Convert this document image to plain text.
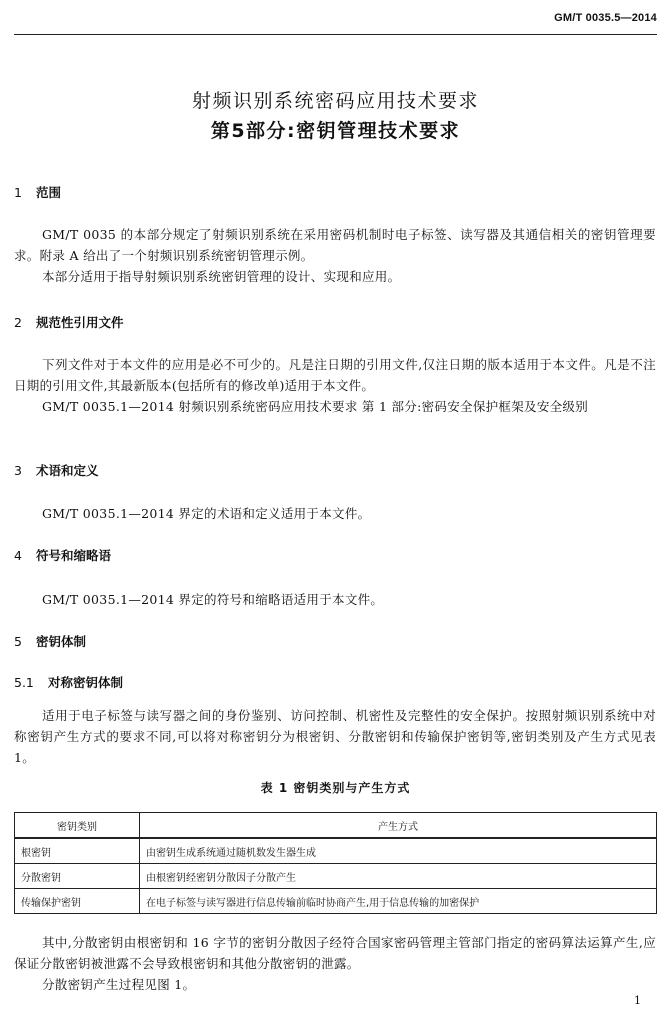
GM/T 0035.5—2014
射频识别系统密码应用技术要求
第5部分:密钥管理技术要求
1 范围
GM/T 0035 的本部分规定了射频识别系统在采用密码机制时电子标签、读写器及其通信相关的密钥管理要求。附录 A 给出了一个射频识别系统密钥管理示例。
本部分适用于指导射频识别系统密钥管理的设计、实现和应用。
2 规范性引用文件
下列文件对于本文件的应用是必不可少的。凡是注日期的引用文件,仅注日期的版本适用于本文件。凡是不注日期的引用文件,其最新版本(包括所有的修改单)适用于本文件。
GM/T 0035.1—2014 射频识别系统密码应用技术要求 第 1 部分:密码安全保护框架及安全级别
3 术语和定义
GM/T 0035.1—2014 界定的术语和定义适用于本文件。
4 符号和缩略语
GM/T 0035.1—2014 界定的符号和缩略语适用于本文件。
5 密钥体制
5.1 对称密钥体制
适用于电子标签与读写器之间的身份鉴别、访问控制、机密性及完整性的安全保护。按照射频识别系统中对称密钥产生方式的要求不同,可以将对称密钥分为根密钥、分散密钥和传输保护密钥等,密钥类别及产生方式见表 1。
表 1 密钥类别与产生方式
密钥类别	产生方式
根密钥	由密钥生成系统通过随机数发生器生成
分散密钥	由根密钥经密钥分散因子分散产生
传输保护密钥	在电子标签与读写器进行信息传输前临时协商产生,用于信息传输的加密保护
其中,分散密钥由根密钥和 16 字节的密钥分散因子经符合国家密码管理主管部门指定的密码算法运算产生,应保证分散密钥被泄露不会导致根密钥和其他分散密钥的泄露。
分散密钥产生过程见图 1。
1
